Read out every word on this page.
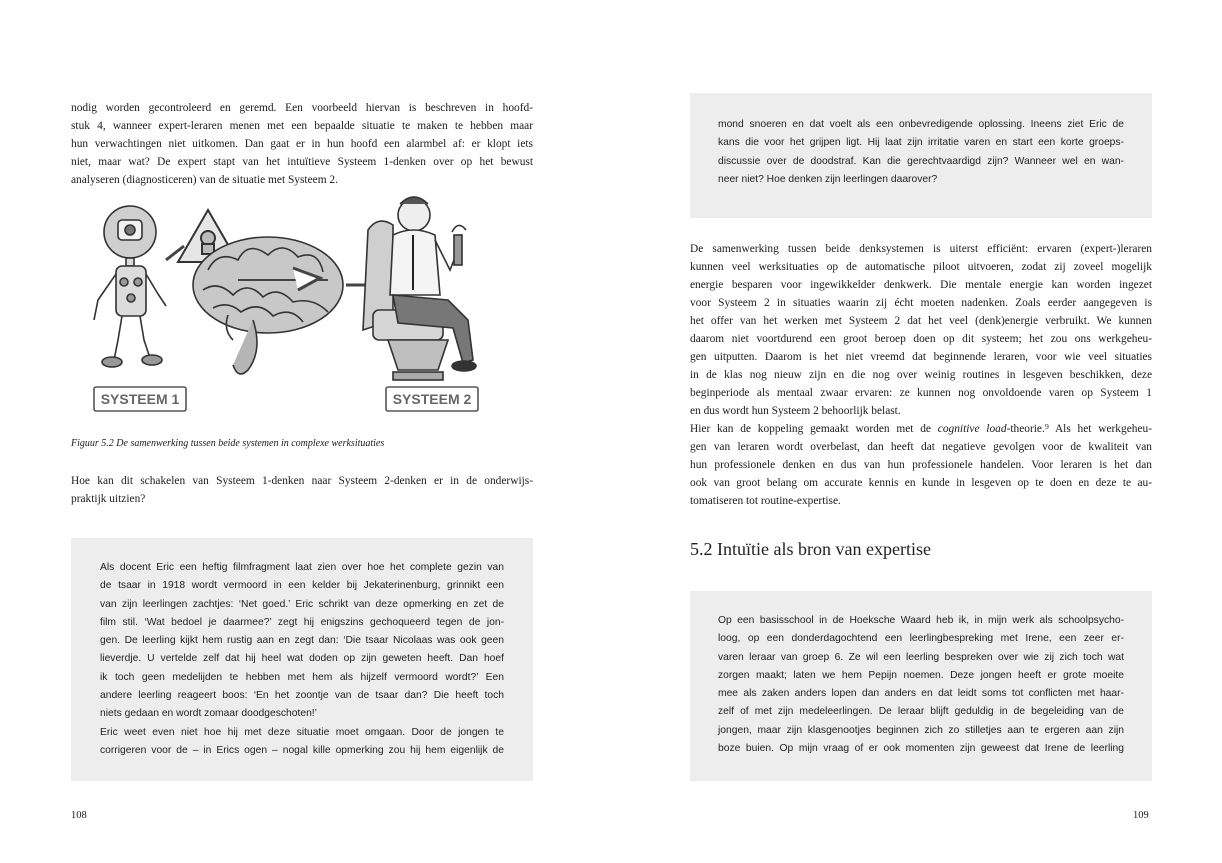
nodig worden gecontroleerd en geremd. Een voorbeeld hiervan is beschreven in hoofd-
stuk 4, wanneer expert-leraren menen met een bepaalde situatie te maken te hebben maar
hun verwachtingen niet uitkomen. Dan gaat er in hun hoofd een alarmbel af: er klopt iets
niet, maar wat? De expert stapt van het intuïtieve Systeem 1-denken over op het bewust
analyseren (diagnosticeren) van de situatie met Systeem 2.

SYSTEEM 1	SYSTEEM 2

Figuur 5.2 De samenwerking tussen beide systemen in complexe werksituaties

Hoe kan dit schakelen van Systeem 1-denken naar Systeem 2-denken er in de onderwijs-
praktijk uitzien?

Als docent Eric een heftig filmfragment laat zien over hoe het complete gezin van
de tsaar in 1918 wordt vermoord in een kelder bij Jekaterinenburg, grinnikt een
van zijn leerlingen zachtjes: ‘Net goed.’ Eric schrikt van deze opmerking en zet de
film stil. ‘Wat bedoel je daarmee?’ zegt hij enigszins gechoqueerd tegen de jon-
gen. De leerling kijkt hem rustig aan en zegt dan: ‘Die tsaar Nicolaas was ook geen
lieverdje. U vertelde zelf dat hij heel wat doden op zijn geweten heeft. Dan hoef
ik toch geen medelijden te hebben met hem als hijzelf vermoord wordt?’ Een
andere leerling reageert boos: ‘En het zoontje van de tsaar dan? Die heeft toch
niets gedaan en wordt zomaar doodgeschoten!’
Eric weet even niet hoe hij met deze situatie moet omgaan. Door de jongen te
corrigeren voor de – in Erics ogen – nogal kille opmerking zou hij hem eigenlijk de

108

mond snoeren en dat voelt als een onbevredigende oplossing. Ineens ziet Eric de
kans die voor het grijpen ligt. Hij laat zijn irritatie varen en start een korte groeps-
discussie over de doodstraf. Kan die gerechtvaardigd zijn? Wanneer wel en wan-
neer niet? Hoe denken zijn leerlingen daarover?

De samenwerking tussen beide denksystemen is uiterst efficiënt: ervaren (expert-)leraren
kunnen veel werksituaties op de automatische piloot uitvoeren, zodat zij zoveel mogelijk
energie besparen voor ingewikkelder denkwerk. Die mentale energie kan worden ingezet
voor Systeem 2 in situaties waarin zij écht moeten nadenken. Zoals eerder aangegeven is
het offer van het werken met Systeem 2 dat het veel (denk)energie verbruikt. We kunnen
daarom niet voortdurend een groot beroep doen op dit systeem; het zou ons werkgeheu-
gen uitputten. Daarom is het niet vreemd dat beginnende leraren, voor wie veel situaties
in de klas nog nieuw zijn en die nog over weinig routines in lesgeven beschikken, deze
beginperiode als mentaal zwaar ervaren: ze kunnen nog onvoldoende varen op Systeem 1
en dus wordt hun Systeem 2 behoorlijk belast.
Hier kan de koppeling gemaakt worden met de cognitive load-theorie.⁹ Als het werkgeheu-
gen van leraren wordt overbelast, dan heeft dat negatieve gevolgen voor de kwaliteit van
hun professionele denken en dus van hun professionele handelen. Voor leraren is het dan
ook van groot belang om accurate kennis en kunde in lesgeven op te doen en deze te au-
tomatiseren tot routine-expertise.

5.2 Intuïtie als bron van expertise

Op een basisschool in de Hoeksche Waard heb ik, in mijn werk als schoolpsycho-
loog, op een donderdagochtend een leerlingbespreking met Irene, een zeer er-
varen leraar van groep 6. Ze wil een leerling bespreken over wie zij zich toch wat
zorgen maakt; laten we hem Pepijn noemen. Deze jongen heeft er grote moeite
mee als zaken anders lopen dan anders en dat leidt soms tot conflicten met haar-
zelf of met zijn medeleerlingen. De leraar blijft geduldig in de begeleiding van de
jongen, maar zijn klasgenootjes beginnen zich zo stilletjes aan te ergeren aan zijn
boze buien. Op mijn vraag of er ook momenten zijn geweest dat Irene de leerling

109
